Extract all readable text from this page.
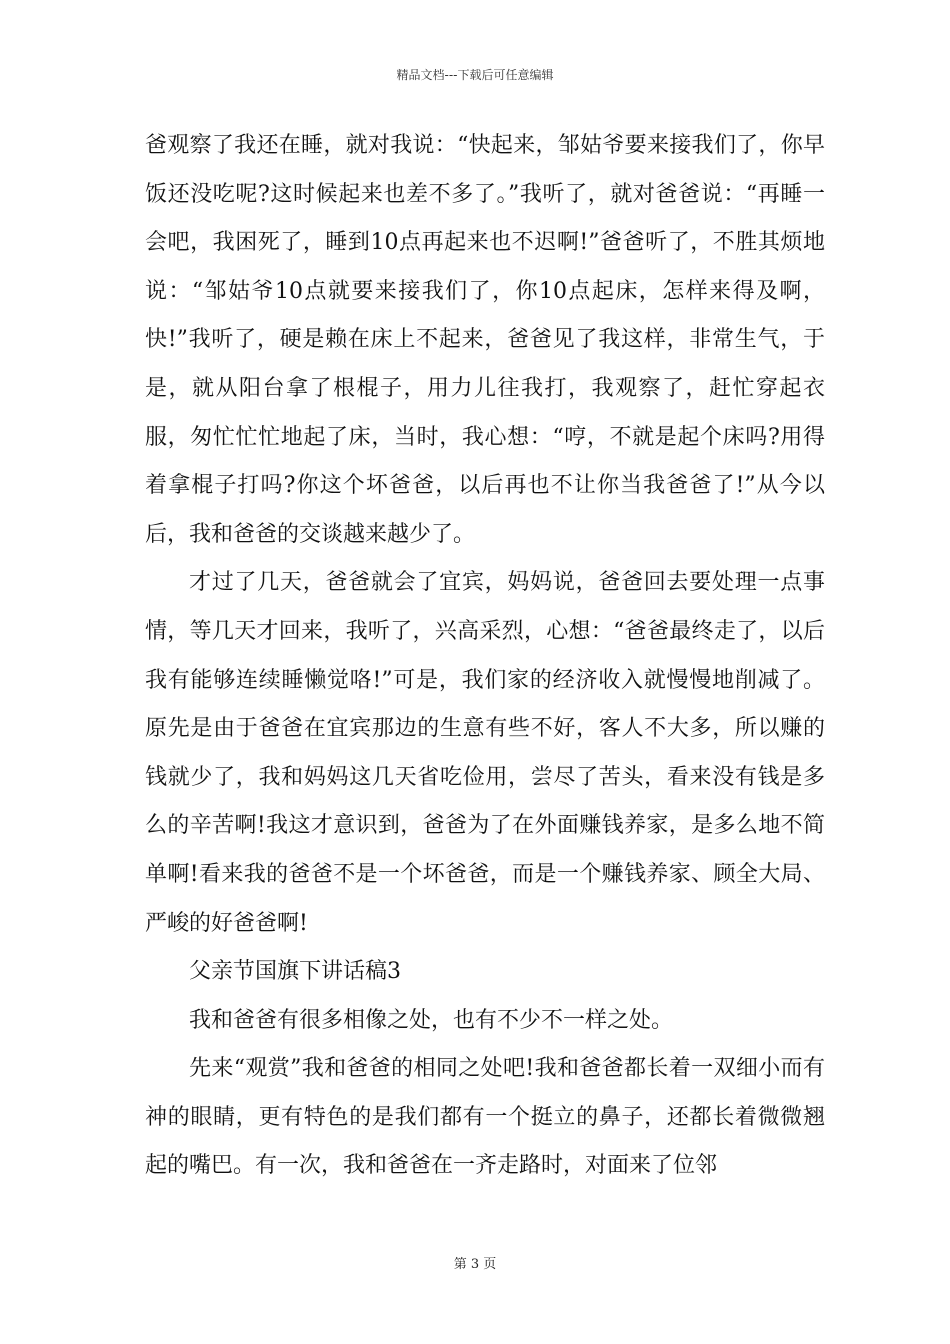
精品文档---下载后可任意编辑

爸观察了我还在睡，就对我说：“快起来，邹姑爷要来接我们了，你早饭还没吃呢?这时候起来也差不多了。”我听了，就对爸爸说：“再睡一会吧，我困死了，睡到10点再起来也不迟啊!”爸爸听了，不胜其烦地说：“邹姑爷10点就要来接我们了，你10点起床，怎样来得及啊，快!”我听了，硬是赖在床上不起来，爸爸见了我这样，非常生气，于是，就从阳台拿了根棍子，用力儿往我打，我观察了，赶忙穿起衣服，匆忙忙忙地起了床，当时，我心想：“哼，不就是起个床吗?用得着拿棍子打吗?你这个坏爸爸，以后再也不让你当我爸爸了!”从今以后，我和爸爸的交谈越来越少了。

才过了几天，爸爸就会了宜宾，妈妈说，爸爸回去要处理一点事情，等几天才回来，我听了，兴高采烈，心想：“爸爸最终走了，以后我有能够连续睡懒觉咯!”可是，我们家的经济收入就慢慢地削减了。原先是由于爸爸在宜宾那边的生意有些不好，客人不大多，所以赚的钱就少了，我和妈妈这几天省吃俭用，尝尽了苦头，看来没有钱是多么的辛苦啊!我这才意识到，爸爸为了在外面赚钱养家，是多么地不简单啊!看来我的爸爸不是一个坏爸爸，而是一个赚钱养家、顾全大局、严峻的好爸爸啊!

父亲节国旗下讲话稿3

我和爸爸有很多相像之处，也有不少不一样之处。

先来“观赏”我和爸爸的相同之处吧!我和爸爸都长着一双细小而有神的眼睛，更有特色的是我们都有一个挺立的鼻子，还都长着微微翘起的嘴巴。有一次，我和爸爸在一齐走路时，对面来了位邻

第 3 页
